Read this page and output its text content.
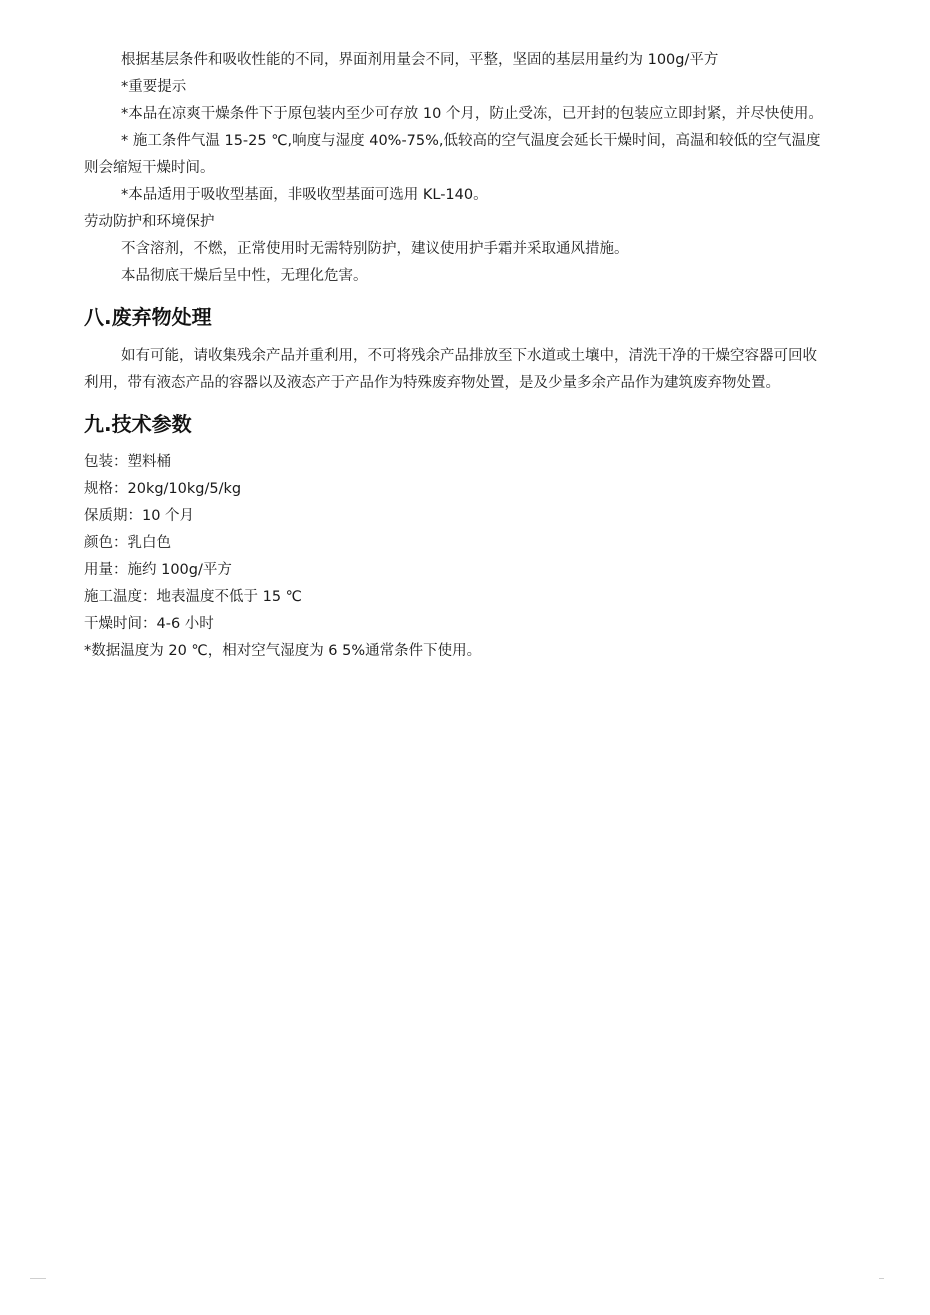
根据基层条件和吸收性能的不同，界面剂用量会不同，平整，坚固的基层用量约为 100g/平方

*重要提示

*本品在凉爽干燥条件下于原包装内至少可存放 10 个月，防止受冻，已开封的包装应立即封紧，并尽快使用。

* 施工条件气温 15-25 ℃,响度与湿度 40%-75%,低较高的空气温度会延长干燥时间，高温和较低的空气温度则会缩短干燥时间。

*本品适用于吸收型基面，非吸收型基面可选用 KL-140。

劳动防护和环境保护

不含溶剂，不燃，正常使用时无需特别防护，建议使用护手霜并采取通风措施。

本品彻底干燥后呈中性，无理化危害。

八.废弃物处理

如有可能，请收集残余产品并重利用，不可将残余产品排放至下水道或土壤中，清洗干净的干燥空容器可回收利用，带有液态产品的容器以及液态产于产品作为特殊废弃物处置，是及少量多余产品作为建筑废弃物处置。

九.技术参数

包装：塑料桶

规格：20kg/10kg/5/kg

保质期：10 个月

颜色：乳白色

用量：施约 100g/平方

施工温度：地表温度不低于 15 ℃

干燥时间：4-6 小时

*数据温度为 20 ℃，相对空气湿度为 6 5%通常条件下使用。
